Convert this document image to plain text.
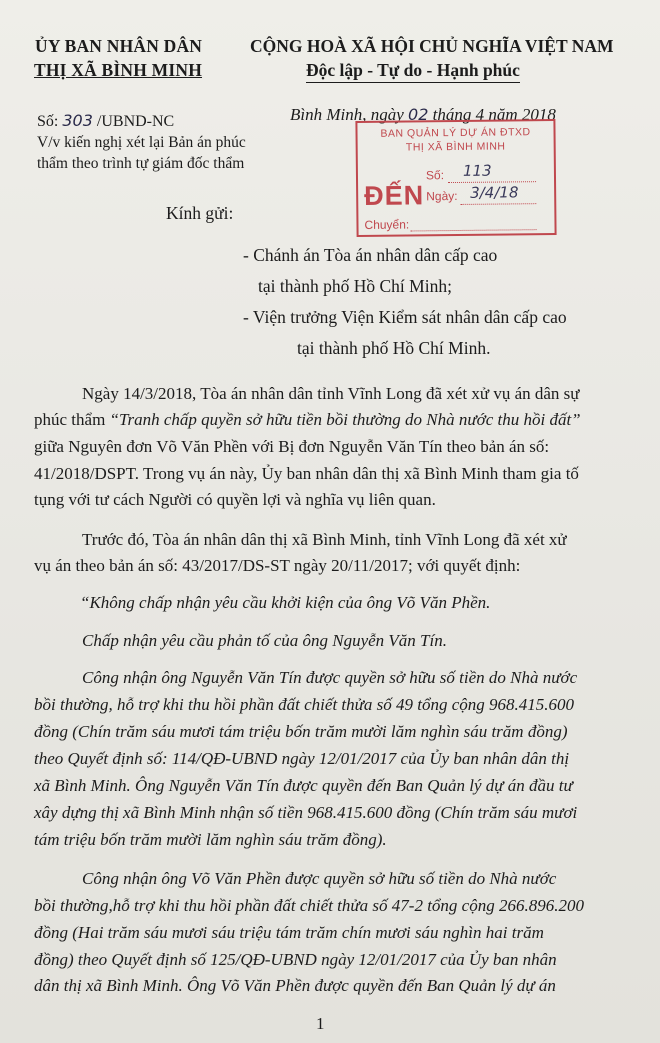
ỦY BAN NHÂN DÂN
THỊ XÃ BÌNH MINH
CỘNG HOÀ XÃ HỘI CHỦ NGHĨA VIỆT NAM
Độc lập - Tự do - Hạnh phúc
Số: 303 /UBND-NC
V/v kiến nghị xét lại Bản án phúc
thẩm theo trình tự giám đốc thẩm
Bình Minh, ngày 02 tháng 4 năm 2018
BAN QUẢN LÝ DỰ ÁN ĐTXD
THỊ XÃ BÌNH MINH
ĐẾN
Số: 113
Ngày: 3/4/18
Chuyển:
Kính gửi:
- Chánh án Tòa án nhân dân cấp cao
tại thành phố Hồ Chí Minh;
- Viện trưởng Viện Kiểm sát nhân dân cấp cao
tại thành phố Hồ Chí Minh.
Ngày 14/3/2018, Tòa án nhân dân tỉnh Vĩnh Long đã xét xử vụ án dân sự
phúc thẩm “Tranh chấp quyền sở hữu tiền bồi thường do Nhà nước thu hồi đất”
giữa Nguyên đơn Võ Văn Phền với Bị đơn Nguyễn Văn Tín theo bản án số:
41/2018/DSPT. Trong vụ án này, Ủy ban nhân dân thị xã Bình Minh tham gia tố
tụng với tư cách Người có quyền lợi và nghĩa vụ liên quan.
Trước đó, Tòa án nhân dân thị xã Bình Minh, tỉnh Vĩnh Long đã xét xử
vụ án theo bản án số: 43/2017/DS-ST ngày 20/11/2017; với quyết định:
“Không chấp nhận yêu cầu khởi kiện của ông Võ Văn Phền.
Chấp nhận yêu cầu phản tố của ông Nguyễn Văn Tín.
Công nhận ông Nguyễn Văn Tín được quyền sở hữu số tiền do Nhà nước
bồi thường, hỗ trợ khi thu hồi phần đất chiết thửa số 49 tổng cộng 968.415.600
đồng (Chín trăm sáu mươi tám triệu bốn trăm mười lăm nghìn sáu trăm đồng)
theo Quyết định số: 114/QĐ-UBND ngày 12/01/2017 của Ủy ban nhân dân thị
xã Bình Minh. Ông Nguyễn Văn Tín được quyền đến Ban Quản lý dự án đầu tư
xây dựng thị xã Bình Minh nhận số tiền 968.415.600 đồng (Chín trăm sáu mươi
tám triệu bốn trăm mười lăm nghìn sáu trăm đồng).
Công nhận ông Võ Văn Phền được quyền sở hữu số tiền do Nhà nước
bồi thường,hỗ trợ khi thu hồi phần đất chiết thửa số 47-2 tổng cộng 266.896.200
đồng (Hai trăm sáu mươi sáu triệu tám trăm chín mươi sáu nghìn hai trăm
đồng) theo Quyết định số 125/QĐ-UBND ngày 12/01/2017 của Ủy ban nhân
dân thị xã Bình Minh. Ông Võ Văn Phền được quyền đến Ban Quản lý dự án
1
